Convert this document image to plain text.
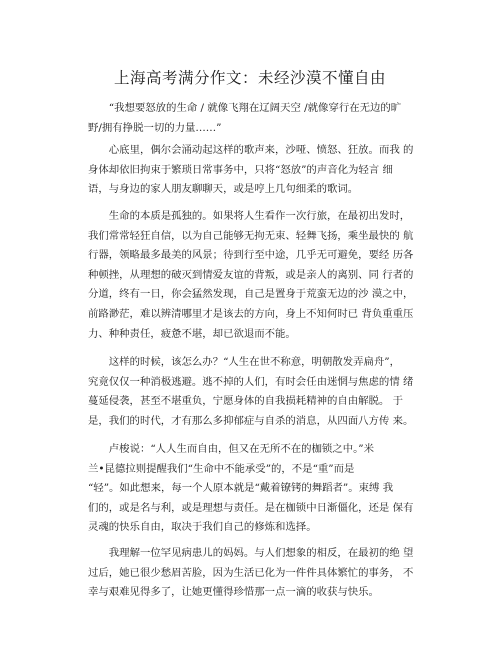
上海高考满分作文：未经沙漠不懂自由
“我想要怒放的生命 / 就像飞翔在辽阔天空 /就像穿行在无边的旷
野/拥有挣脱一切的力量……”
心底里，偶尔会涌动起这样的歌声来，沙哑、愤怒、狂放。而我 的
身体却依旧拘束于繁琐日常事务中，只将“怒放”的声音化为轻言 细
语，与身边的家人朋友聊聊天，或是哼上几句细柔的歌词。
生命的本质是孤独的。如果将人生看作一次行旅，在最初出发时，
我们常常轻狂自信，以为自己能够无拘无束、轻舞飞扬，乘坐最快的 航
行器，领略最多最美的风景；待到行至中途，几乎无可避免，要经 历各
种顿挫，从理想的破灭到情爱友谊的背叛，或是亲人的离别、同 行者的
分道，终有一日，你会猛然发现，自己是置身于荒蛮无边的沙 漠之中，
前路渺茫，难以辨清哪里才是该去的方向，身上不知何时已 背负重重压
力、种种责任，疲惫不堪，却已欲退而不能。
这样的时候，该怎么办？“人生在世不称意，明朝散发弄扁舟”，
究竟仅仅一种消极逃避。逃不掉的人们，有时会任由迷惘与焦虑的情 绪
蔓延侵袭，甚至不堪重负，宁愿身体的自我损耗精神的自由解脱。 于
是，我们的时代，才有那么多抑郁症与自杀的消息，从四面八方传 来。
卢梭说：“人人生而自由，但又在无所不在的枷锁之中。”米
兰•昆德拉则提醒我们“生命中不能承受”的，不是“重”而是
“轻”。如此想来，每一个人原本就是“戴着镣铐的舞蹈者”。束缚 我
们的，或是名与利，或是理想与责任。是在枷锁中日渐僵化，还是 保有
灵魂的快乐自由，取决于我们自己的修炼和选择。
我理解一位罕见病患儿的妈妈。与人们想象的相反，在最初的绝 望
过后，她已很少愁眉苦脸，因为生活已化为一件件具体繁忙的事务， 不
幸与艰难见得多了，让她更懂得珍惜那一点一滴的收获与快乐。
